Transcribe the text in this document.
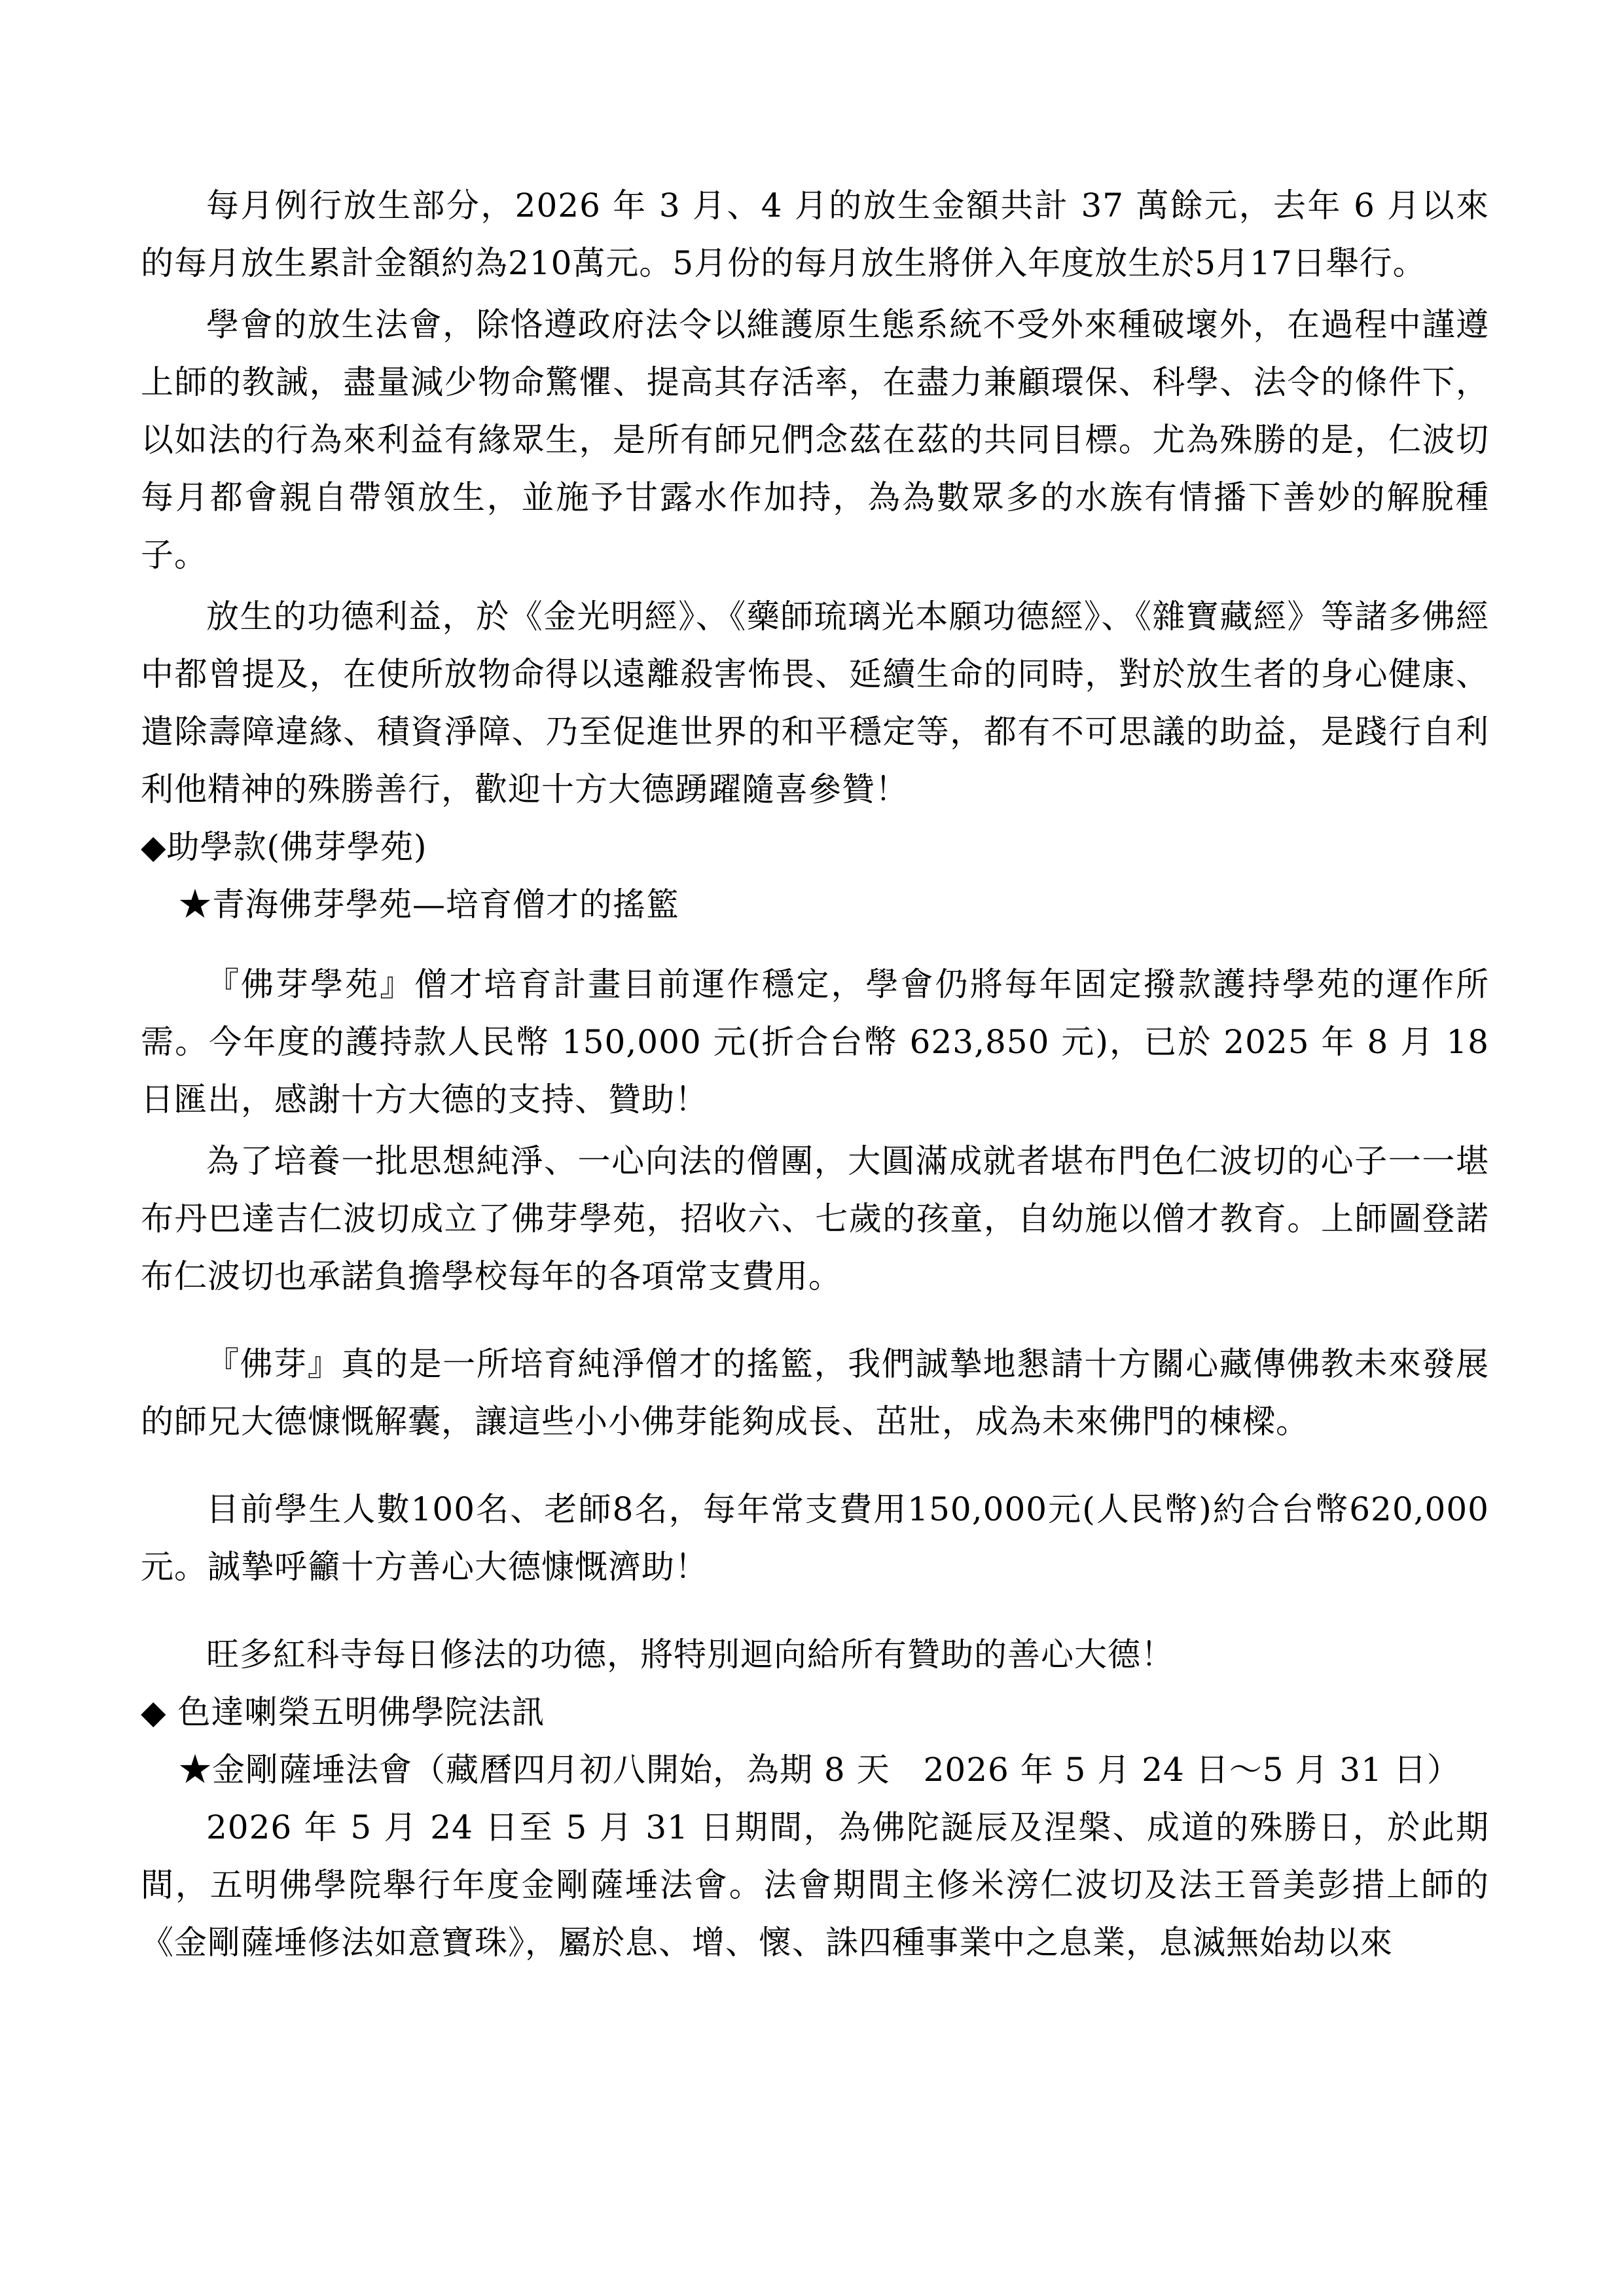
每月例行放生部分，2026 年 3 月、4 月的放生金額共計 37 萬餘元，去年 6 月以來的每月放生累計金額約為210萬元。5月份的每月放生將併入年度放生於5月17日舉行。

學會的放生法會，除恪遵政府法令以維護原生態系統不受外來種破壞外，在過程中謹遵上師的教誡，盡量減少物命驚懼、提高其存活率，在盡力兼顧環保、科學、法令的條件下，以如法的行為來利益有緣眾生，是所有師兄們念茲在茲的共同目標。尤為殊勝的是，仁波切每月都會親自帶領放生，並施予甘露水作加持，為為數眾多的水族有情播下善妙的解脫種子。

放生的功德利益，於《金光明經》、《藥師琉璃光本願功德經》、《雜寶藏經》等諸多佛經中都曾提及，在使所放物命得以遠離殺害怖畏、延續生命的同時，對於放生者的身心健康、遣除壽障違緣、積資淨障、乃至促進世界的和平穩定等，都有不可思議的助益，是踐行自利利他精神的殊勝善行，歡迎十方大德踴躍隨喜參贊！

◆助學款(佛芽學苑)

★青海佛芽學苑—培育僧才的搖籃

『佛芽學苑』僧才培育計畫目前運作穩定，學會仍將每年固定撥款護持學苑的運作所需。今年度的護持款人民幣 150,000 元(折合台幣 623,850 元)，已於 2025 年 8 月 18 日匯出，感謝十方大德的支持、贊助！

為了培養一批思想純淨、一心向法的僧團，大圓滿成就者堪布門色仁波切的心子一一堪布丹巴達吉仁波切成立了佛芽學苑，招收六、七歲的孩童，自幼施以僧才教育。上師圖登諾布仁波切也承諾負擔學校每年的各項常支費用。

『佛芽』真的是一所培育純淨僧才的搖籃，我們誠摯地懇請十方關心藏傳佛教未來發展的師兄大德慷慨解囊，讓這些小小佛芽能夠成長、茁壯，成為未來佛門的棟樑。

目前學生人數100名、老師8名，每年常支費用150,000元(人民幣)約合台幣620,000元。誠摯呼籲十方善心大德慷慨濟助！

旺多紅科寺每日修法的功德，將特別迴向給所有贊助的善心大德！

◆ 色達喇榮五明佛學院法訊

★金剛薩埵法會（藏曆四月初八開始，為期 8 天　2026 年 5 月 24 日～5 月 31 日）

2026 年 5 月 24 日至 5 月 31 日期間，為佛陀誕辰及涅槃、成道的殊勝日，於此期間，五明佛學院舉行年度金剛薩埵法會。法會期間主修米滂仁波切及法王晉美彭措上師的《金剛薩埵修法如意寶珠》，屬於息、增、懷、誅四種事業中之息業，息滅無始劫以來
